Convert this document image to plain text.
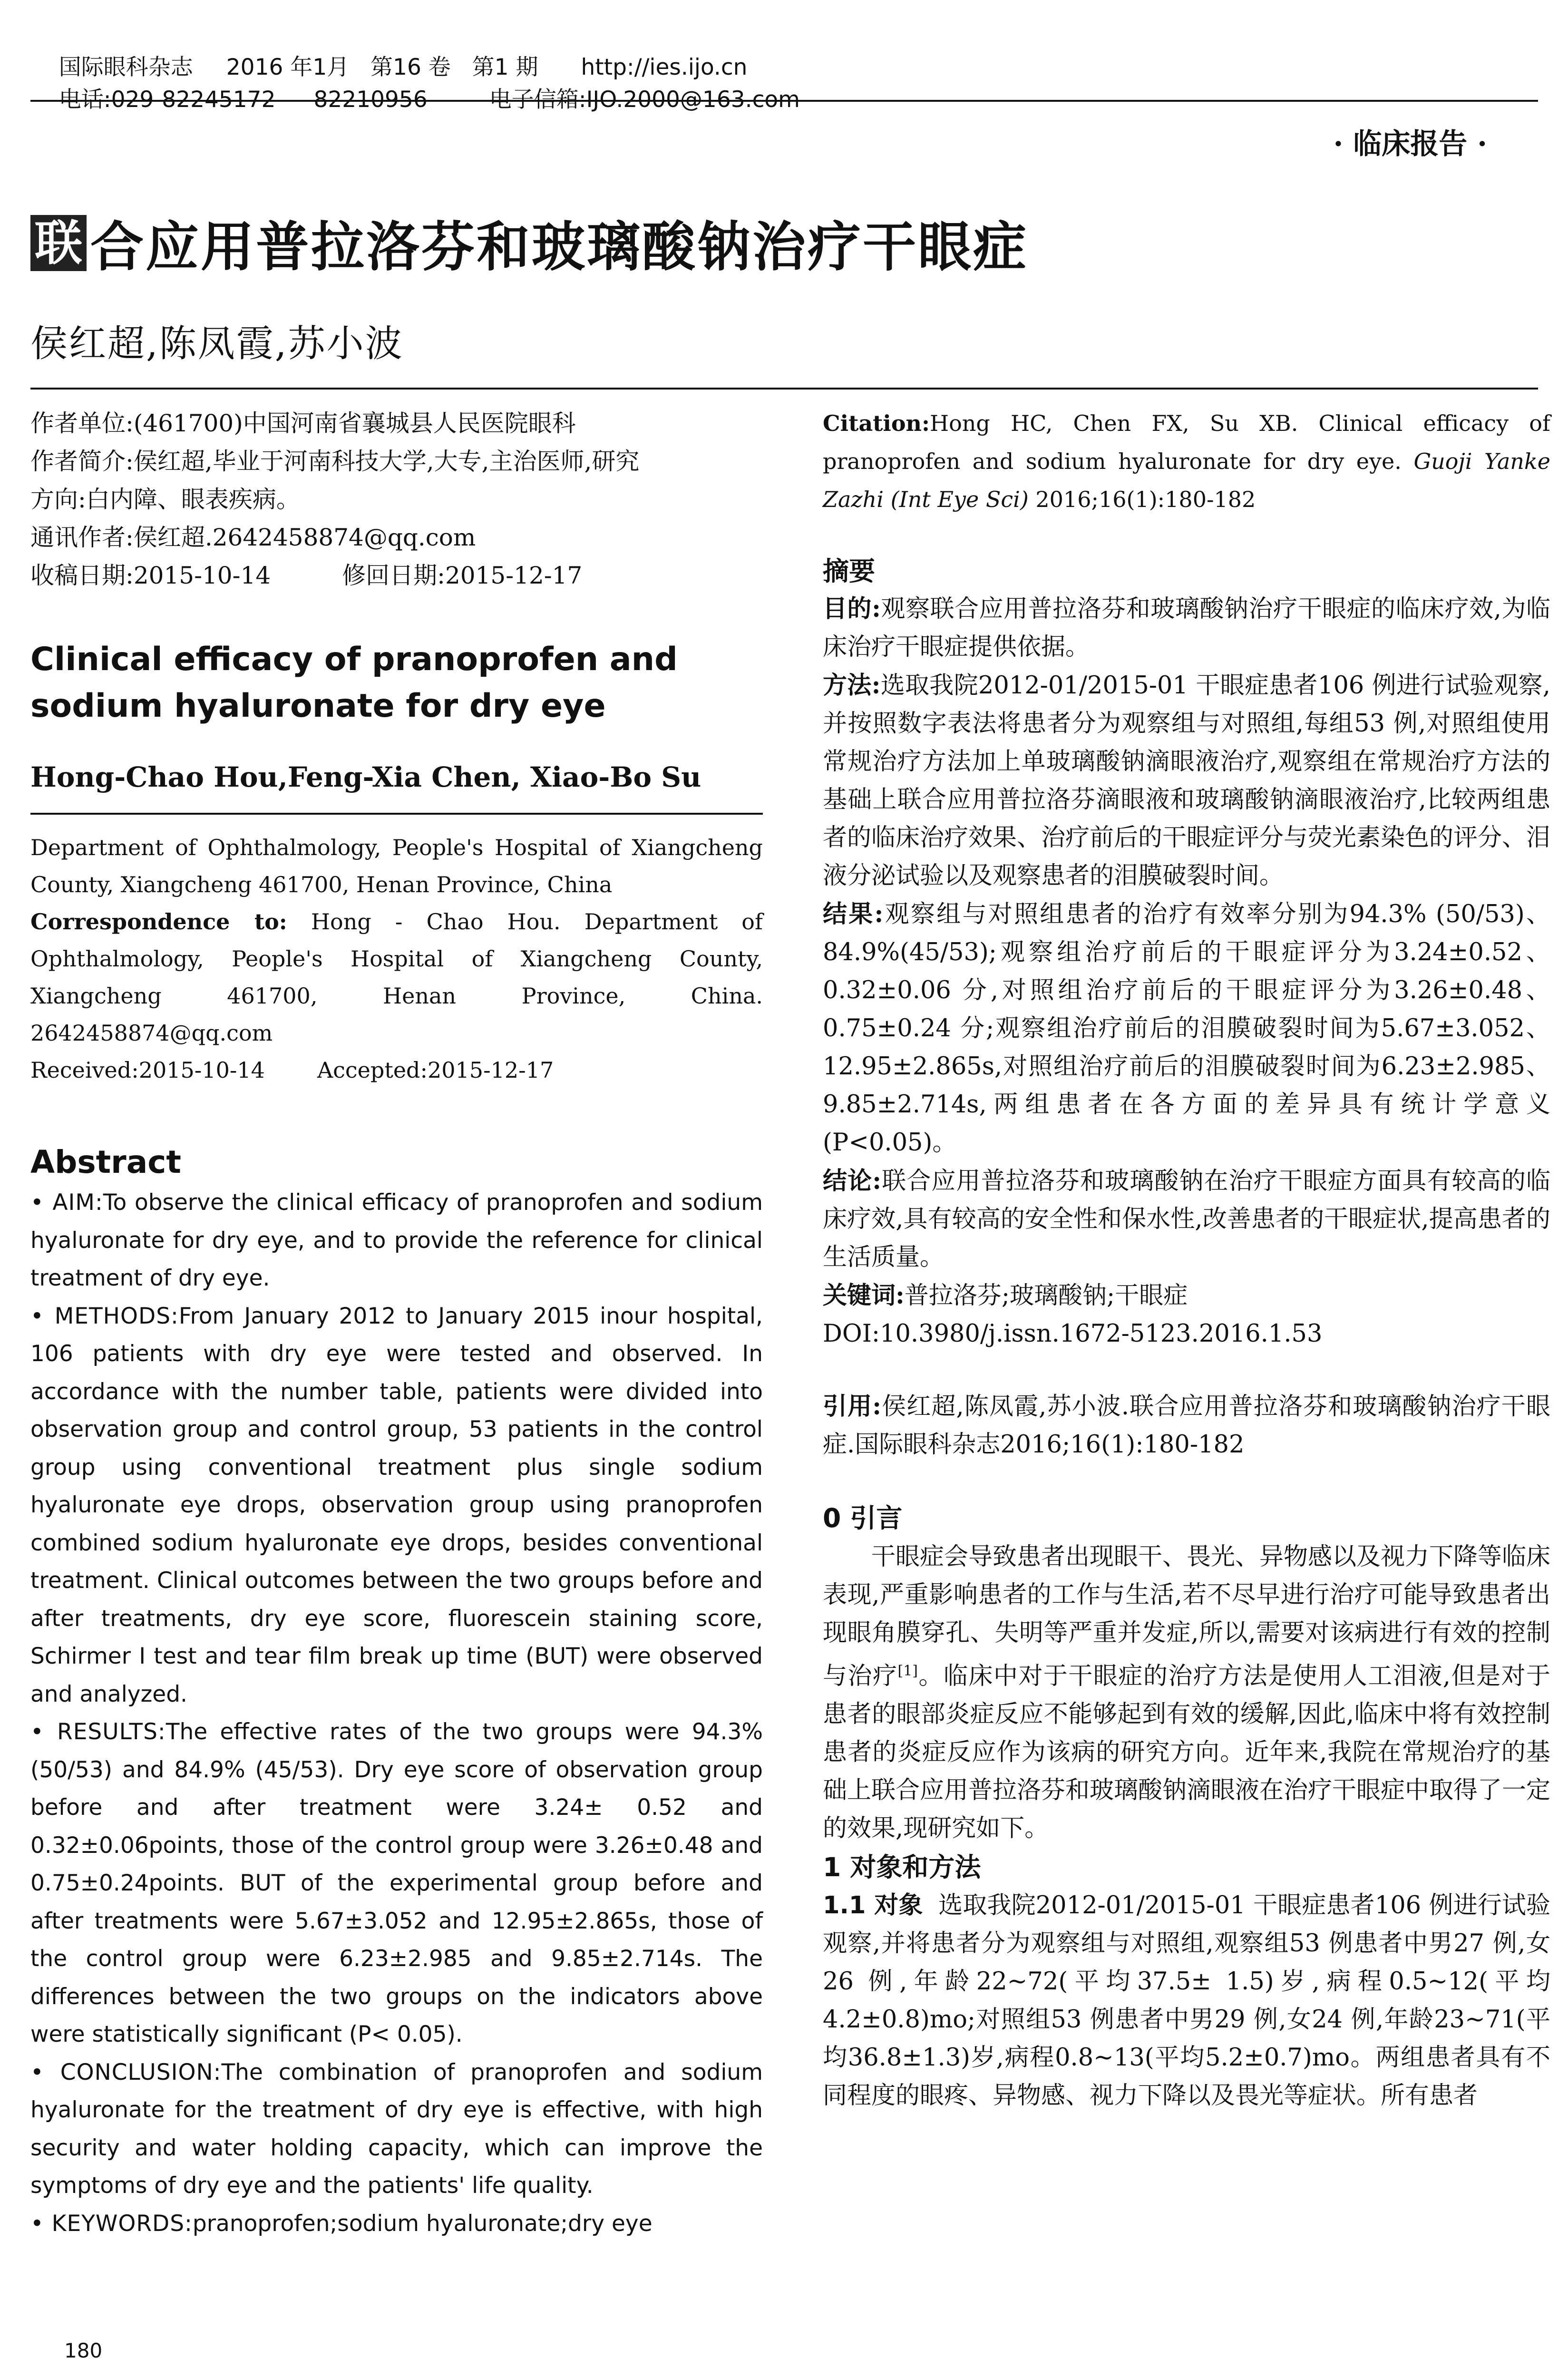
国际眼科杂志 2016 年1月   第16 卷   第1 期 http://ies.ijo.cn

电话:029-82245172 82210956	电子信箱:IJO.2000@163.com

· 临床报告 ·
联 合应用普拉洛芬和玻璃酸钠治疗干眼症
侯红超,陈凤霞,苏小波
作者单位:(461700)中国河南省襄城县人民医院眼科
作者简介:侯红超,毕业于河南科技大学,大专,主治医师,研究
方向:白内障、眼表疾病。
通讯作者:侯红超.2642458874@qq.com
收稿日期:2015-10-14	修回日期:2015-12-17
Clinical efficacy of pranoprofen and sodium hyaluronate for dry eye
Hong-Chao Hou,Feng-Xia Chen, Xiao-Bo Su
Department of Ophthalmology, People's Hospital of Xiangcheng County, Xiangcheng 461700, Henan Province, China
Correspondence to: Hong - Chao Hou. Department of Ophthalmology, People's Hospital of Xiangcheng County, Xiangcheng 461700, Henan Province, China. 2642458874@qq.com
Received:2015-10-14 Accepted:2015-12-17
Abstract

• AIM:To observe the clinical efficacy of pranoprofen and sodium hyaluronate for dry eye, and to provide the reference for clinical treatment of dry eye.

• METHODS:From January 2012 to January 2015 inour hospital, 106 patients with dry eye were tested and observed. In accordance with the number table, patients were divided into observation group and control group, 53 patients in the control group using conventional treatment plus single sodium hyaluronate eye drops, observation group using pranoprofen combined sodium hyaluronate eye drops, besides conventional treatment. Clinical outcomes between the two groups before and after treatments, dry eye score, fluorescein staining score, Schirmer I test and tear film break up time (BUT) were observed and analyzed.

• RESULTS:The effective rates of the two groups were 94.3% (50/53) and 84.9% (45/53). Dry eye score of observation group before and after treatment were 3.24± 0.52 and 0.32±0.06points, those of the control group were 3.26±0.48 and 0.75±0.24points. BUT of the experimental group before and after treatments were 5.67±3.052 and 12.95±2.865s, those of the control group were 6.23±2.985 and 9.85±2.714s. The differences between the two groups on the indicators above were statistically significant (P< 0.05).

• CONCLUSION:The combination of pranoprofen and sodium hyaluronate for the treatment of dry eye is effective, with high security and water holding capacity, which can improve the symptoms of dry eye and the patients' life quality.

• KEYWORDS:pranoprofen;sodium hyaluronate;dry eye

180
Citation:Hong HC, Chen FX, Su XB. Clinical efficacy of pranoprofen and sodium hyaluronate for dry eye. Guoji Yanke Zazhi (Int Eye Sci) 2016;16(1):180-182
摘要

目的:观察联合应用普拉洛芬和玻璃酸钠治疗干眼症的临床疗效,为临床治疗干眼症提供依据。

方法:选取我院2012-01/2015-01 干眼症患者106 例进行试验观察,并按照数字表法将患者分为观察组与对照组,每组53 例,对照组使用常规治疗方法加上单玻璃酸钠滴眼液治疗,观察组在常规治疗方法的基础上联合应用普拉洛芬滴眼液和玻璃酸钠滴眼液治疗,比较两组患者的临床治疗效果、治疗前后的干眼症评分与荧光素染色的评分、泪液分泌试验以及观察患者的泪膜破裂时间。

结果:观察组与对照组患者的治疗有效率分别为94.3% (50/53)、84.9%(45/53);观察组治疗前后的干眼症评分为3.24±0.52、0.32±0.06 分,对照组治疗前后的干眼症评分为3.26±0.48、0.75±0.24 分;观察组治疗前后的泪膜破裂时间为5.67±3.052、12.95±2.865s,对照组治疗前后的泪膜破裂时间为6.23±2.985、9.85±2.714s,两组患者在各方面的差异具有统计学意义(P<0.05)。

结论:联合应用普拉洛芬和玻璃酸钠在治疗干眼症方面具有较高的临床疗效,具有较高的安全性和保水性,改善患者的干眼症状,提高患者的生活质量。

关键词:普拉洛芬;玻璃酸钠;干眼症

DOI:10.3980/j.issn.1672-5123.2016.1.53

引用:侯红超,陈凤霞,苏小波.联合应用普拉洛芬和玻璃酸钠治疗干眼症.国际眼科杂志2016;16(1):180-182
0 引言
干眼症会导致患者出现眼干、畏光、异物感以及视力下降等临床表现,严重影响患者的工作与生活,若不尽早进行治疗可能导致患者出现眼角膜穿孔、失明等严重并发症,所以,需要对该病进行有效的控制与治疗[1]。临床中对于干眼症的治疗方法是使用人工泪液,但是对于患者的眼部炎症反应不能够起到有效的缓解,因此,临床中将有效控制患者的炎症反应作为该病的研究方向。近年来,我院在常规治疗的基础上联合应用普拉洛芬和玻璃酸钠滴眼液在治疗干眼症中取得了一定的效果,现研究如下。
1 对象和方法
1.1 对象 选取我院2012-01/2015-01 干眼症患者106 例进行试验观察,并将患者分为观察组与对照组,观察组53 例患者中男27 例,女26 例,年龄22~72(平均37.5± 1.5)岁,病程0.5~12(平均4.2±0.8)mo;对照组53 例患者中男29 例,女24 例,年龄23~71(平均36.8±1.3)岁,病程0.8~13(平均5.2±0.7)mo。两组患者具有不同程度的眼疼、异物感、视力下降以及畏光等症状。所有患者
